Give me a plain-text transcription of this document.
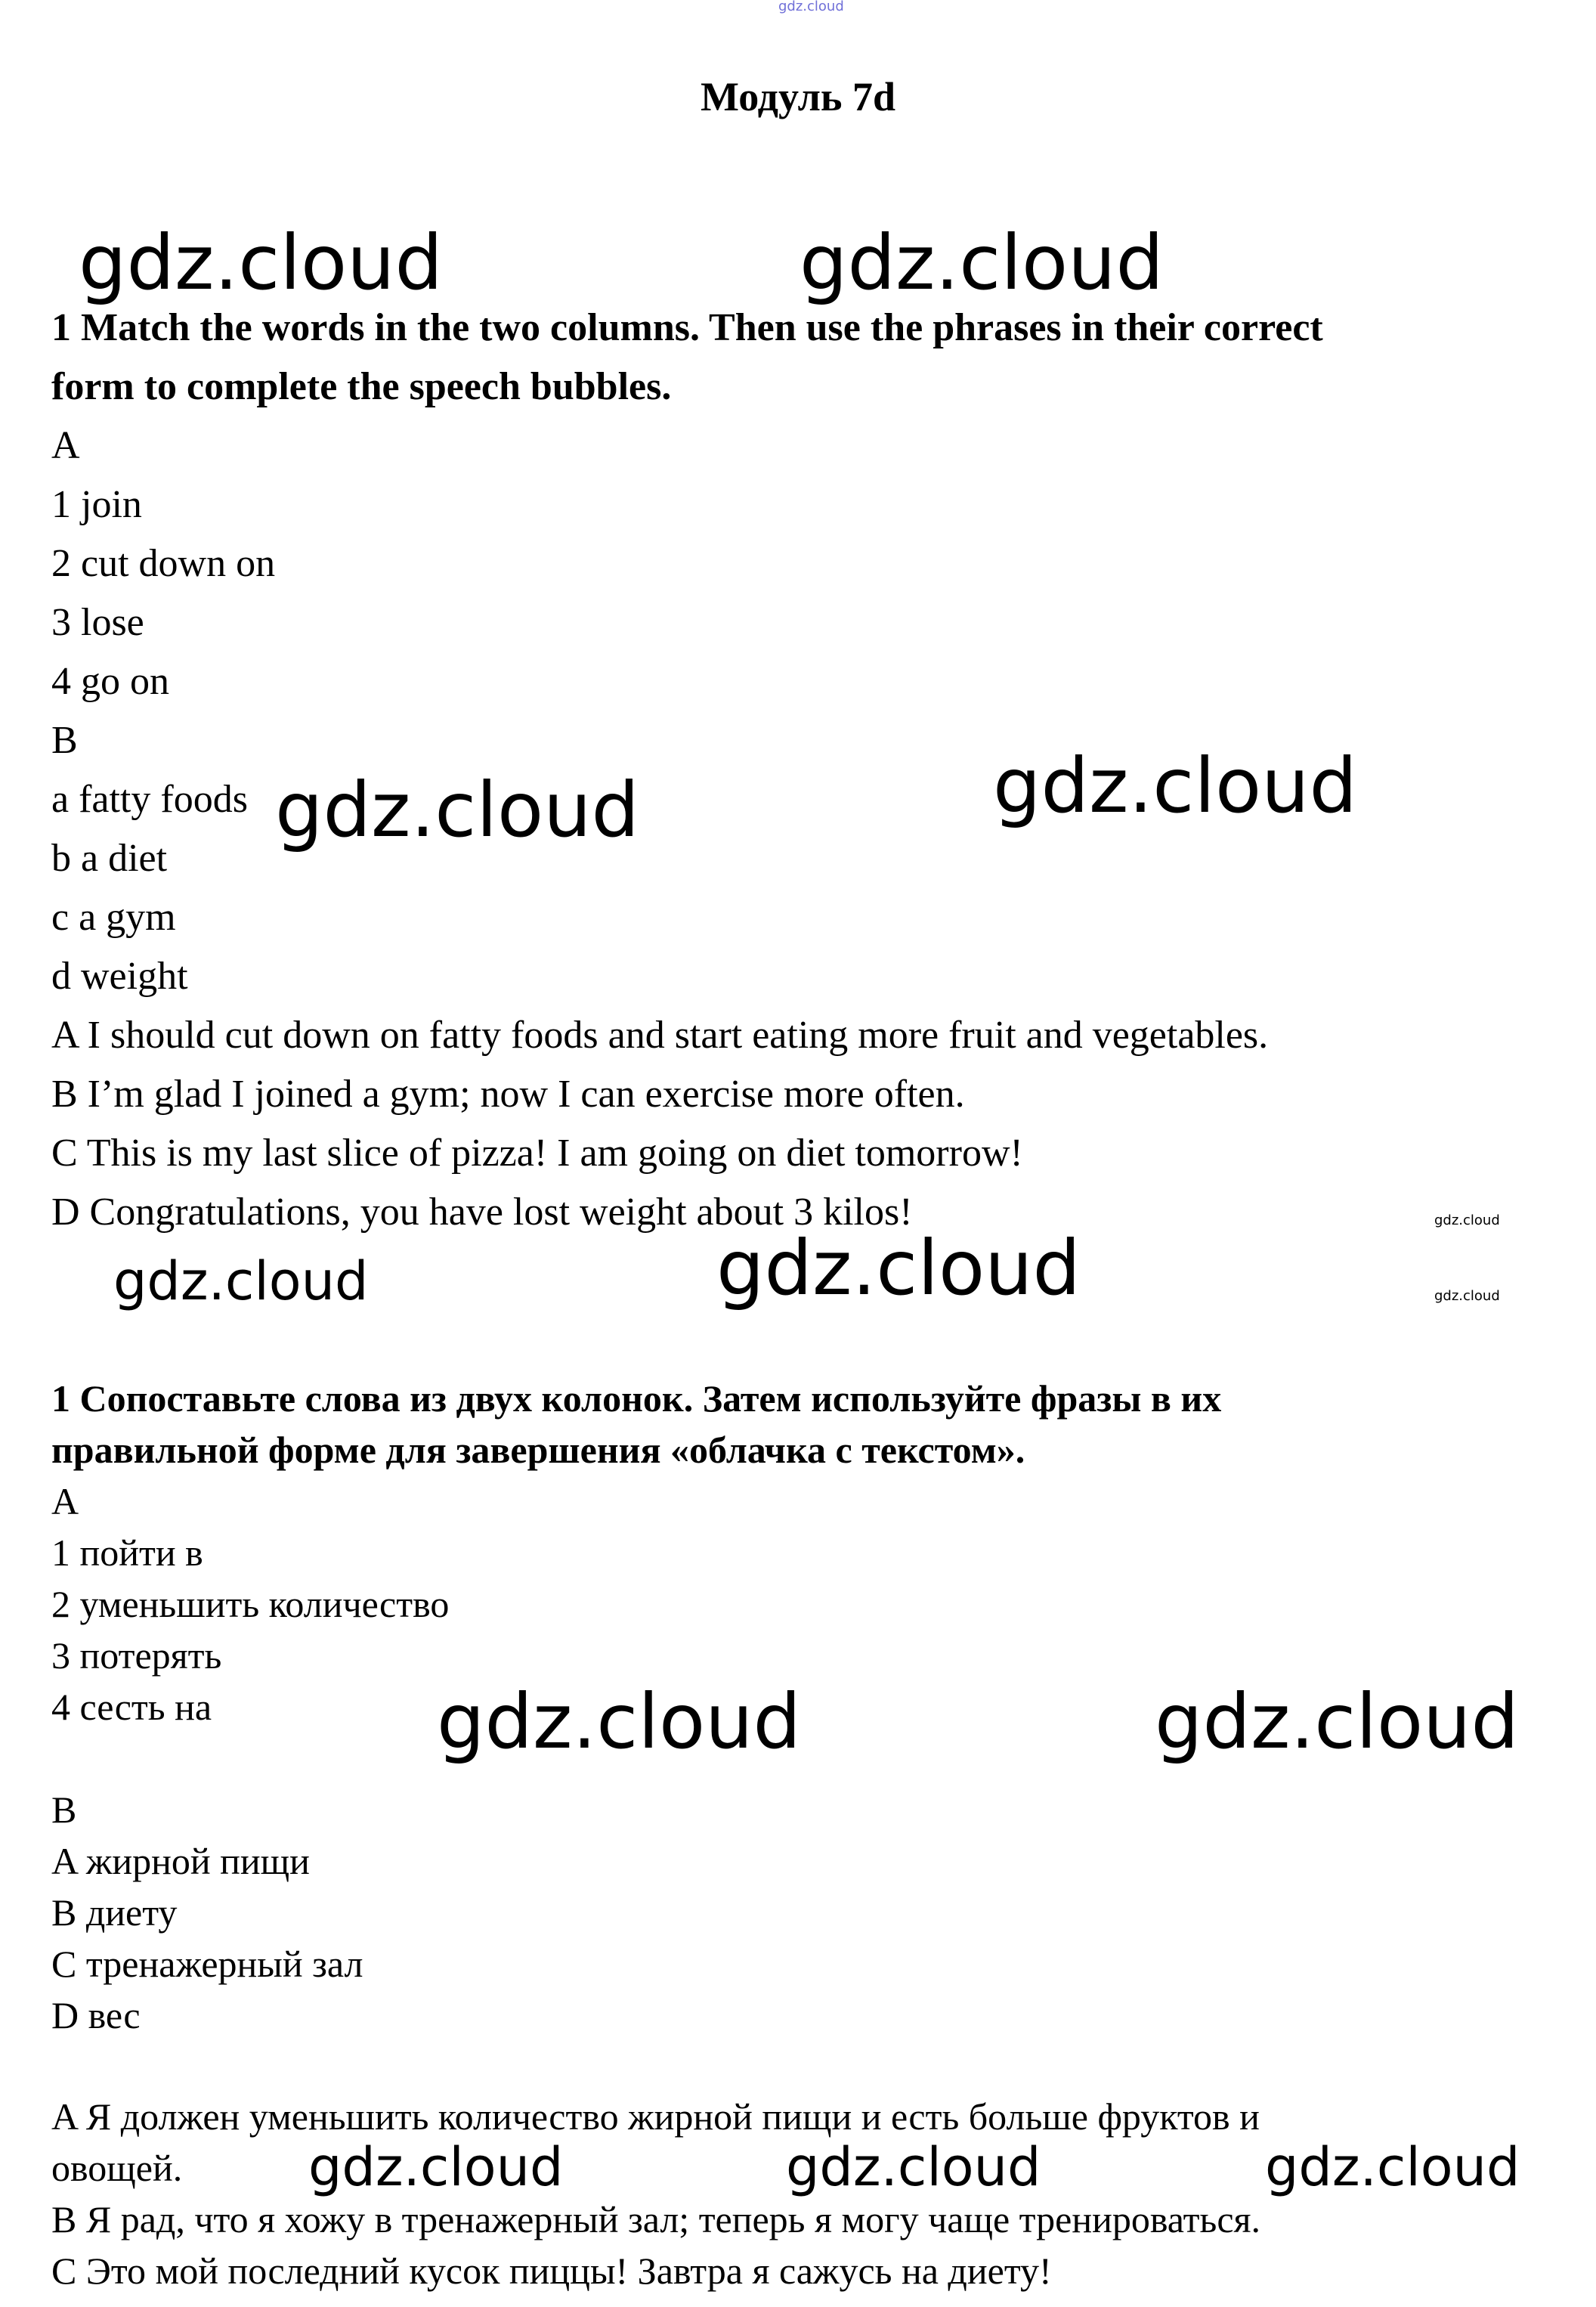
gdz.cloud
Модуль 7d
gdz.cloud	gdz.cloud
1 Match the words in the two columns. Then use the phrases in their correct
form to complete the speech bubbles.
A
1 join
2 cut down on
3 lose
4 go on
B
a fatty foods
b a diet
c a gym
d weight
A I should cut down on fatty foods and start eating more fruit and vegetables.
B I’m glad I joined a gym; now I can exercise more often.
C This is my last slice of pizza! I am going on diet tomorrow!
D Congratulations, you have lost weight about 3 kilos!
gdz.cloud	gdz.cloud
gdz.cloud
gdz.cloud
gdz.cloud	gdz.cloud
1 Сопоставьте слова из двух колонок. Затем используйте фразы в их
правильной форме для завершения «облачка с текстом».
A
1 пойти в
2 уменьшить количество
3 потерять
4 сесть на	gdz.cloud	gdz.cloud
B
A жирной пищи
B диету
C тренажерный зал
D вес
A Я должен уменьшить количество жирной пищи и есть больше фруктов и
овощей.
B Я рад, что я хожу в тренажерный зал; теперь я могу чаще тренироваться.
C Это мой последний кусок пиццы! Завтра я сажусь на диету!
gdz.cloud	gdz.cloud	gdz.cloud
